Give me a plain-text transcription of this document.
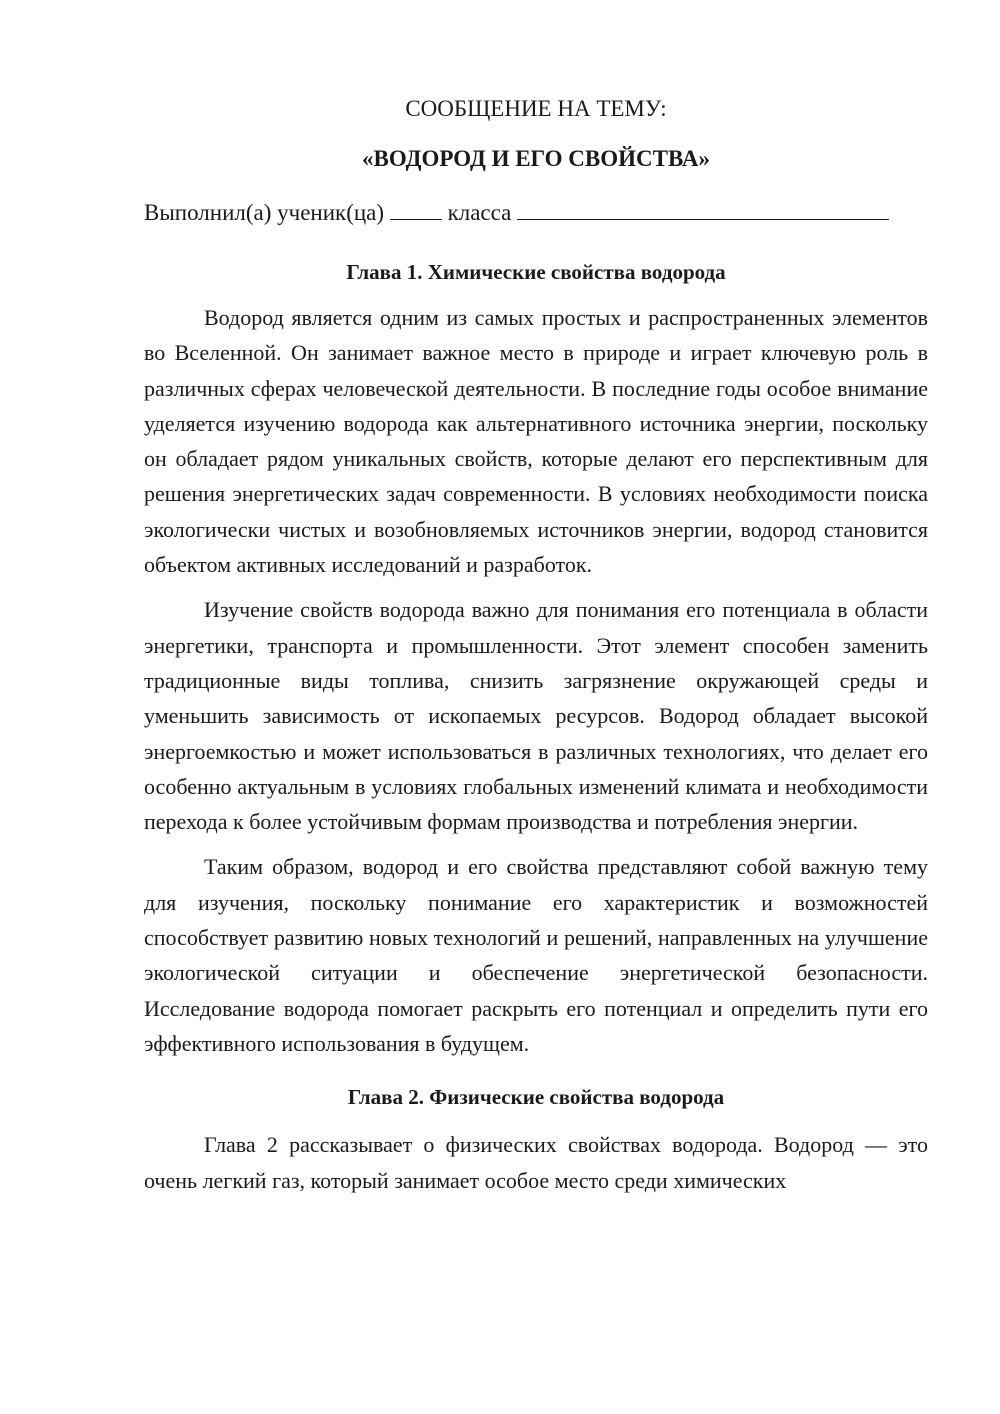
СООБЩЕНИЕ НА ТЕМУ:

«ВОДОРОД И ЕГО СВОЙСТВА»

Выполнил(а) ученик(ца)	класса

Глава 1. Химические свойства водорода

Водород является одним из самых простых и распространенных элементов во Вселенной. Он занимает важное место в природе и играет ключевую роль в различных сферах человеческой деятельности. В последние годы особое внимание уделяется изучению водорода как альтернативного источника энергии, поскольку он обладает рядом уникальных свойств, которые делают его перспективным для решения энергетических задач современности. В условиях необходимости поиска экологически чистых и возобновляемых источников энергии, водород становится объектом активных исследований и разработок.

Изучение свойств водорода важно для понимания его потенциала в области энергетики, транспорта и промышленности. Этот элемент способен заменить традиционные виды топлива, снизить загрязнение окружающей среды и уменьшить зависимость от ископаемых ресурсов. Водород обладает высокой энергоемкостью и может использоваться в различных технологиях, что делает его особенно актуальным в условиях глобальных изменений климата и необходимости перехода к более устойчивым формам производства и потребления энергии.

Таким образом, водород и его свойства представляют собой важную тему для изучения, поскольку понимание его характеристик и возможностей способствует развитию новых технологий и решений, направленных на улучшение экологической ситуации и обеспечение энергетической безопасности. Исследование водорода помогает раскрыть его потенциал и определить пути его эффективного использования в будущем.

Глава 2. Физические свойства водорода

Глава 2 рассказывает о физических свойствах водорода. Водород — это очень легкий газ, который занимает особое место среди химических
